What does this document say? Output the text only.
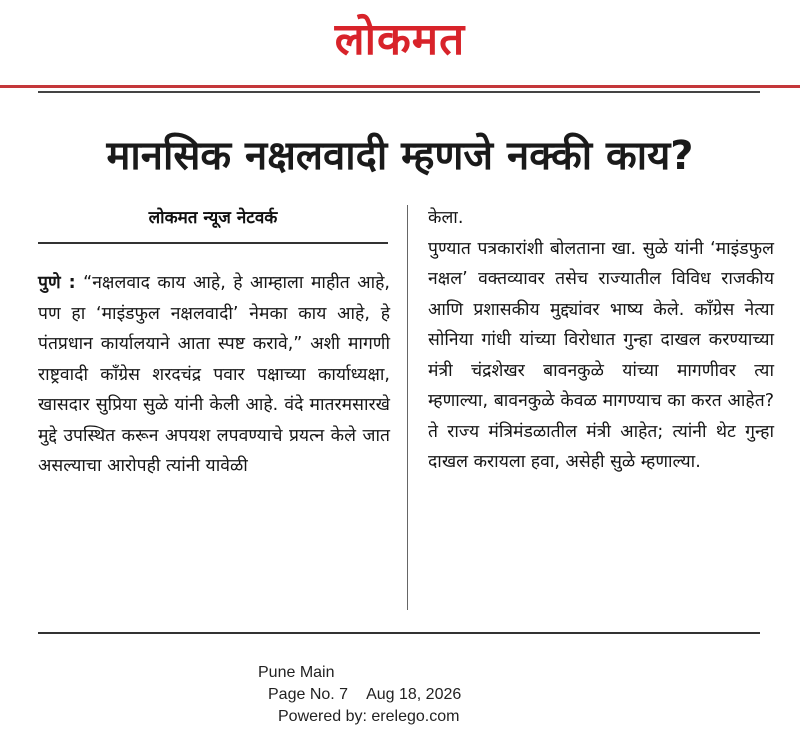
लोकमत
मानसिक नक्षलवादी म्हणजे नक्की काय?
लोकमत न्यूज नेटवर्क
पुणे : “नक्षलवाद काय आहे, हे आम्हाला माहीत आहे, पण हा ‘माइंडफुल नक्षलवादी’ नेमका काय आहे, हे पंतप्रधान कार्यालयाने आता स्पष्ट करावे,” अशी मागणी राष्ट्रवादी काँग्रेस शरदचंद्र पवार पक्षाच्या कार्याध्यक्षा, खासदार सुप्रिया सुळे यांनी केली आहे. वंदे मातरमसारखे मुद्दे उपस्थित करून अपयश लपवण्याचे प्रयत्न केले जात असल्याचा आरोपही त्यांनी यावेळी
केला.
पुण्यात पत्रकारांशी बोलताना खा. सुळे यांनी ‘माइंडफुल नक्षल’ वक्तव्यावर तसेच राज्यातील विविध राजकीय आणि प्रशासकीय मुद्द्यांवर भाष्य केले. काँग्रेस नेत्या सोनिया गांधी यांच्या विरोधात गुन्हा दाखल करण्याच्या मंत्री चंद्रशेखर बावनकुळे यांच्या मागणीवर त्या म्हणाल्या, बावनकुळे केवळ मागण्याच का करत आहेत? ते राज्य मंत्रिमंडळातील मंत्री आहेत; त्यांनी थेट गुन्हा दाखल करायला हवा, असेही सुळे म्हणाल्या.
Pune Main
Page No. 7 Aug 18, 2026
Powered by: erelego.com
